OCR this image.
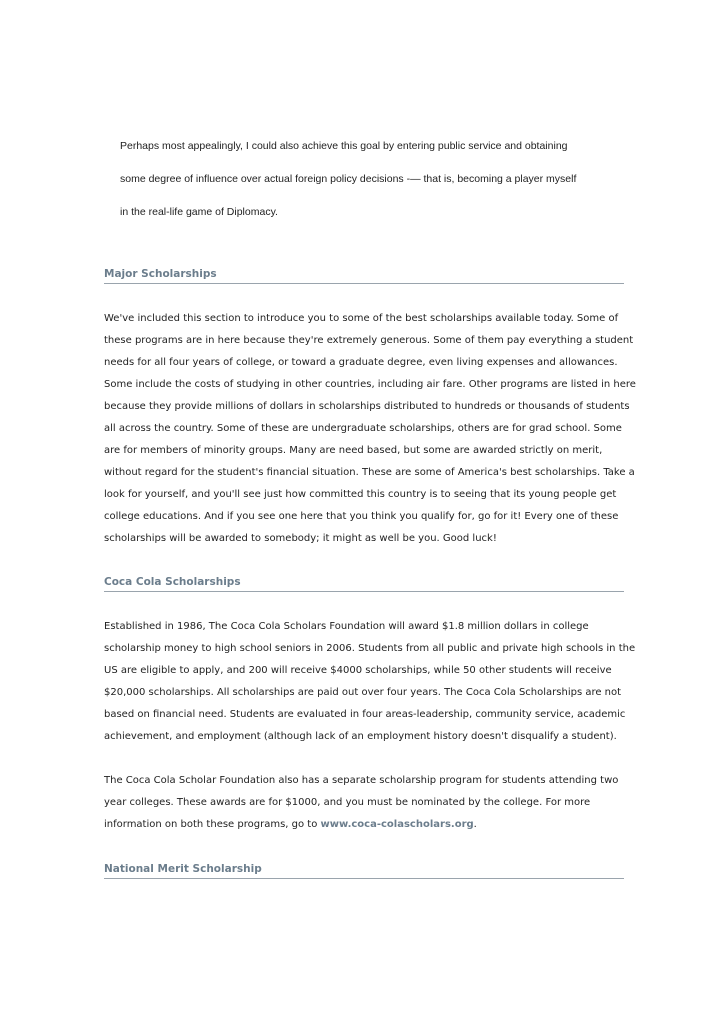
Perhaps most appealingly, I could also achieve this goal by entering public service and obtaining

some degree of influence over actual foreign policy decisions -— that is, becoming a player myself

in the real-life game of Diplomacy.

Major Scholarships

We've included this section to introduce you to some of the best scholarships available today. Some of

these programs are in here because they're extremely generous. Some of them pay everything a student

needs for all four years of college, or toward a graduate degree, even living expenses and allowances.

Some include the costs of studying in other countries, including air fare. Other programs are listed in here

because they provide millions of dollars in scholarships distributed to hundreds or thousands of students

all across the country. Some of these are undergraduate scholarships, others are for grad school. Some

are for members of minority groups. Many are need based, but some are awarded strictly on merit,

without regard for the student's financial situation. These are some of America's best scholarships. Take a

look for yourself, and you'll see just how committed this country is to seeing that its young people get

college educations. And if you see one here that you think you qualify for, go for it! Every one of these

scholarships will be awarded to somebody; it might as well be you. Good luck!

Coca Cola Scholarships

Established in 1986, The Coca Cola Scholars Foundation will award $1.8 million dollars in college

scholarship money to high school seniors in 2006. Students from all public and private high schools in the

US are eligible to apply, and 200 will receive $4000 scholarships, while 50 other students will receive

$20,000 scholarships. All scholarships are paid out over four years. The Coca Cola Scholarships are not

based on financial need. Students are evaluated in four areas-leadership, community service, academic

achievement, and employment (although lack of an employment history doesn't disqualify a student).

The Coca Cola Scholar Foundation also has a separate scholarship program for students attending two

year colleges. These awards are for $1000, and you must be nominated by the college. For more

information on both these programs, go to www.coca-colascholars.org.

National Merit Scholarship
